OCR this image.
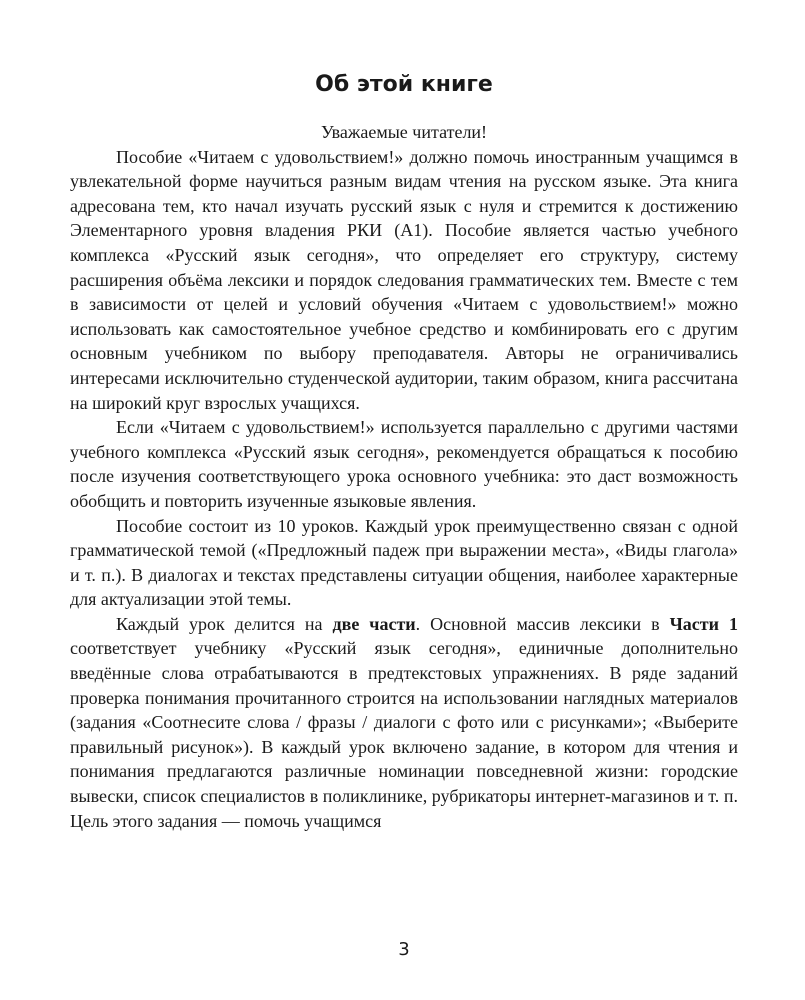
Об этой книге

Уважаемые читатели!

Пособие «Читаем с удовольствием!» должно помочь иностранным учащимся в увлекательной форме научиться разным видам чтения на русском языке. Эта книга адресована тем, кто начал изучать русский язык с нуля и стремится к достижению Элементарного уровня владения РКИ (А1). Пособие является частью учебного комплекса «Русский язык сегодня», что определяет его структуру, систему расширения объёма лексики и порядок следования грамматических тем. Вместе с тем в зависимости от целей и условий обучения «Читаем с удовольствием!» можно использовать как самостоятельное учебное средство и комбинировать его с другим основным учебником по выбору преподавателя. Авторы не ограничивались интересами исключительно студенческой аудитории, таким образом, книга рассчитана на широкий круг взрослых учащихся.

Если «Читаем с удовольствием!» используется параллельно с другими частями учебного комплекса «Русский язык сегодня», рекомендуется обращаться к пособию после изучения соответствующего урока основного учебника: это даст возможность обобщить и повторить изученные языковые явления.

Пособие состоит из 10 уроков. Каждый урок преимущественно связан с одной грамматической темой («Предложный падеж при выражении места», «Виды глагола» и т. п.). В диалогах и текстах представлены ситуации общения, наиболее характерные для актуализации этой темы.

Каждый урок делится на две части. Основной массив лексики в Части 1 соответствует учебнику «Русский язык сегодня», единичные дополнительно введённые слова отрабатываются в предтекстовых упражнениях. В ряде заданий проверка понимания прочитанного строится на использовании наглядных материалов (задания «Соотнесите слова / фразы / диалоги с фото или с рисунками»; «Выберите правильный рисунок»). В каждый урок включено задание, в котором для чтения и понимания предлагаются различные номинации повседневной жизни: городские вывески, список специалистов в поликлинике, рубрикаторы интернет-магазинов и т. п. Цель этого задания — помочь учащимся

3
